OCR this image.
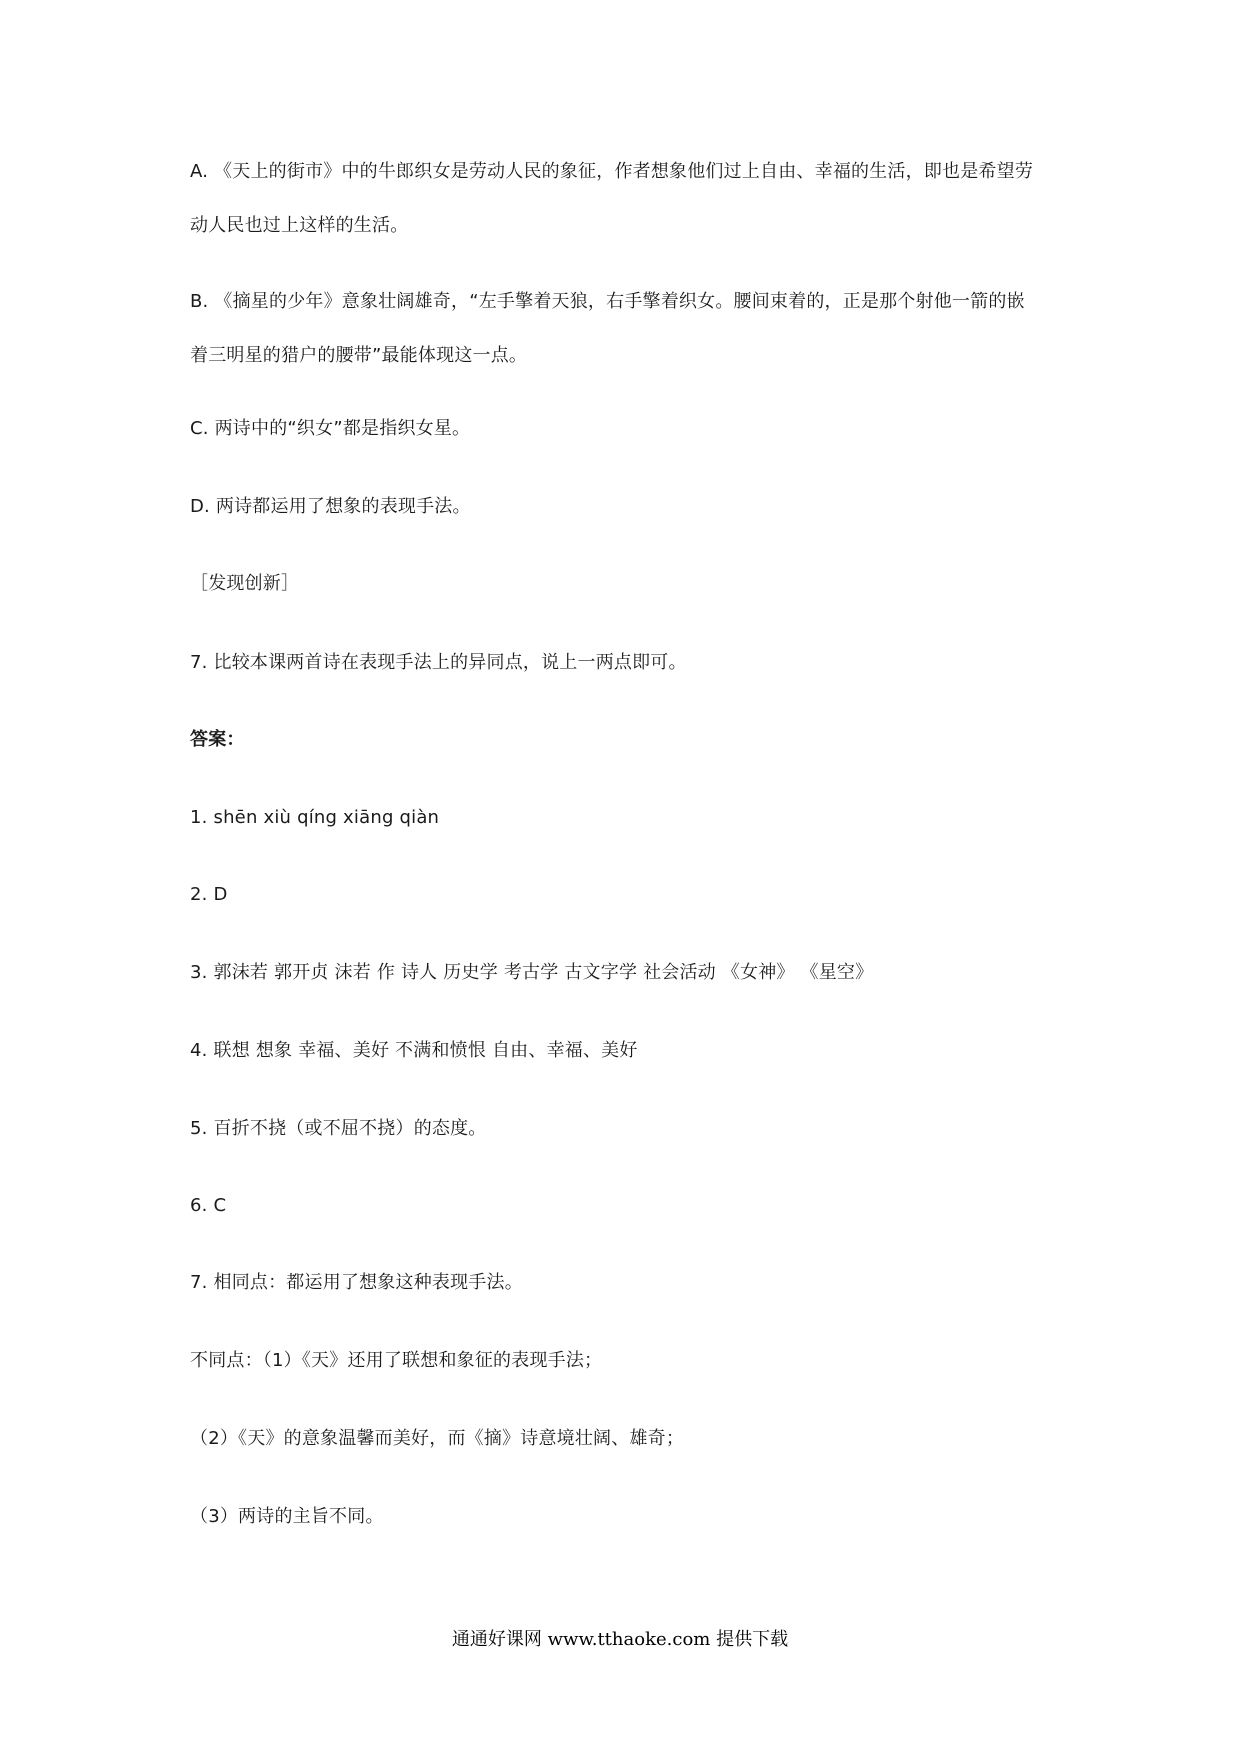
A. 《天上的街市》中的牛郎织女是劳动人民的象征，作者想象他们过上自由、幸福的生活，即也是希望劳
动人民也过上这样的生活。
B. 《摘星的少年》意象壮阔雄奇，“左手擎着天狼，右手擎着织女。腰间束着的，正是那个射他一箭的嵌
着三明星的猎户的腰带”最能体现这一点。
C. 两诗中的“织女”都是指织女星。
D. 两诗都运用了想象的表现手法。
［发现创新］
7. 比较本课两首诗在表现手法上的异同点，说上一两点即可。
答案：
1. shēn xiù qíng xiāng qiàn
2. D
3. 郭沫若 郭开贞 沫若 作 诗人 历史学 考古学 古文字学 社会活动 《女神》 《星空》
4. 联想 想象 幸福、美好 不满和愤恨 自由、幸福、美好
5. 百折不挠（或不屈不挠）的态度。
6. C
7. 相同点：都运用了想象这种表现手法。
不同点：（1）《天》还用了联想和象征的表现手法；
（2）《天》的意象温馨而美好，而《摘》诗意境壮阔、雄奇；
（3）两诗的主旨不同。
通通好课网 www.tthaoke.com 提供下载
